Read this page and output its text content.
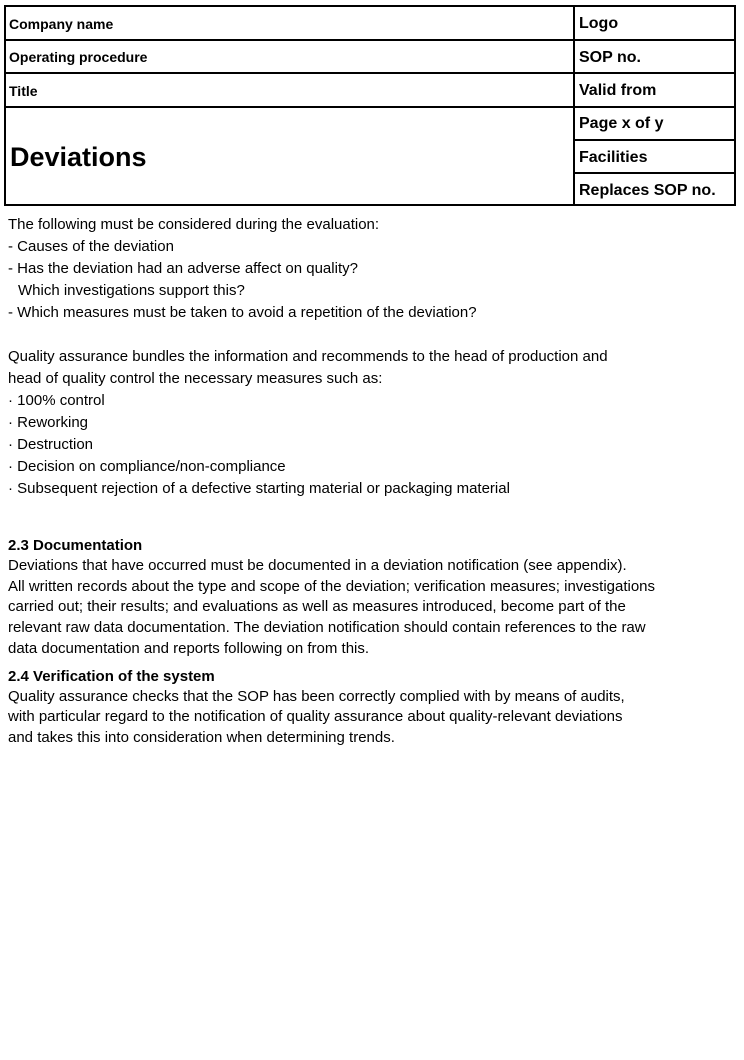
Company name
Operating procedure
Title
Deviations
Logo
SOP no.
Valid from
Page x of y
Facilities
Replaces SOP no.

The following must be considered during the evaluation:

- Causes of the deviation

- Has the deviation had an adverse affect on quality?

Which investigations support this?

- Which measures must be taken to avoid a repetition of the deviation?

Quality assurance bundles the information and recommends to the head of production and

head of quality control the necessary measures such as:

· 100% control

· Reworking

· Destruction

· Decision on compliance/non-compliance

· Subsequent rejection of a defective starting material or packaging material

2.3 Documentation

Deviations that have occurred must be documented in a deviation notification (see appendix).

All written records about the type and scope of the deviation; verification measures; investigations

carried out; their results; and evaluations as well as measures introduced, become part of the

relevant raw data documentation. The deviation notification should contain references to the raw

data documentation and reports following on from this.

2.4 Verification of the system

Quality assurance checks that the SOP has been correctly complied with by means of audits,

with particular regard to the notification of quality assurance about quality-relevant deviations

and takes this into consideration when determining trends.
